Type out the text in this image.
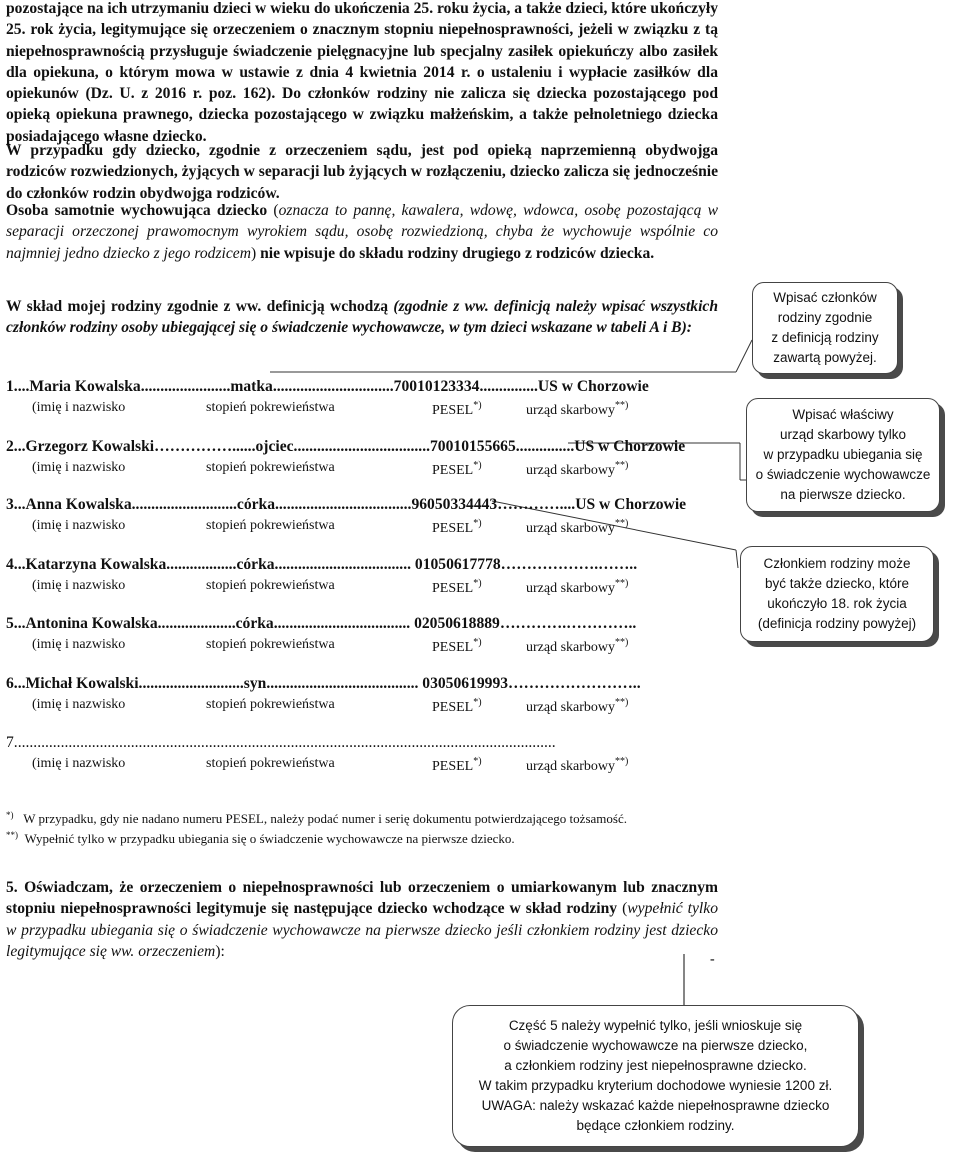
pozostające na ich utrzymaniu dzieci w wieku do ukończenia 25. roku życia, a także dzieci, które ukończyły 25. rok życia, legitymujące się orzeczeniem o znacznym stopniu niepełnosprawności, jeżeli w związku z tą niepełnosprawnością przysługuje świadczenie pielęgnacyjne lub specjalny zasiłek opiekuńczy albo zasiłek dla opiekuna, o którym mowa w ustawie z dnia 4 kwietnia 2014 r. o ustaleniu i wypłacie zasiłków dla opiekunów (Dz. U. z 2016 r. poz. 162). Do członków rodziny nie zalicza się dziecka pozostającego pod opieką opiekuna prawnego, dziecka pozostającego w związku małżeńskim, a także pełnoletniego dziecka posiadającego własne dziecko.

W przypadku gdy dziecko, zgodnie z orzeczeniem sądu, jest pod opieką naprzemienną obydwojga rodziców rozwiedzionych, żyjących w separacji lub żyjących w rozłączeniu, dziecko zalicza się jednocześnie do członków rodzin obydwojga rodziców.

Osoba samotnie wychowująca dziecko (oznacza to pannę, kawalera, wdowę, wdowca, osobę pozostającą w separacji orzeczonej prawomocnym wyrokiem sądu, osobę rozwiedzioną, chyba że wychowuje wspólnie co najmniej jedno dziecko z jego rodzicem) nie wpisuje do składu rodziny drugiego z rodziców dziecka.

W skład mojej rodziny zgodnie z ww. definicją wchodzą (zgodnie z ww. definicją należy wpisać wszystkich członków rodziny osoby ubiegającej się o świadczenie wychowawcze, w tym dzieci wskazane w tabeli A i B):

1....Maria Kowalska.......................matka...............................70010123334...............US w Chorzowie
(imię i nazwisko	stopień pokrewieństwa	PESEL*)	urząd skarbowy**)
2...Grzegorz Kowalski……………......ojciec...................................70010155665...............US w Chorzowie
(imię i nazwisko	stopień pokrewieństwa	PESEL*)	urząd skarbowy**)
3...Anna Kowalska...........................córka...................................96050334443…………....US w Chorzowie
(imię i nazwisko	stopień pokrewieństwa	PESEL*)	urząd skarbowy**)
4...Katarzyna Kowalska..................córka................................... 01050617778……………….……..
(imię i nazwisko	stopień pokrewieństwa	PESEL*)	urząd skarbowy**)
5...Antonina Kowalska....................córka................................... 02050618889………….…………..
(imię i nazwisko	stopień pokrewieństwa	PESEL*)	urząd skarbowy**)
6...Michał Kowalski...........................syn....................................... 03050619993……………………..
(imię i nazwisko	stopień pokrewieństwa	PESEL*)	urząd skarbowy**)
7...........................................................................................................................................
(imię i nazwisko	stopień pokrewieństwa	PESEL*)	urząd skarbowy**)
*) W przypadku, gdy nie nadano numeru PESEL, należy podać numer i serię dokumentu potwierdzającego tożsamość.
**) Wypełnić tylko w przypadku ubiegania się o świadczenie wychowawcze na pierwsze dziecko.

5. Oświadczam, że orzeczeniem o niepełnosprawności lub orzeczeniem o umiarkowanym lub znacznym stopniu niepełnosprawności legitymuje się następujące dziecko wchodzące w skład rodziny (wypełnić tylko w przypadku ubiegania się o świadczenie wychowawcze na pierwsze dziecko jeśli członkiem rodziny jest dziecko legitymujące się ww. orzeczeniem):	-
Wpisać członków
rodziny zgodnie
z definicją rodziny
zawartą powyżej.
Wpisać właściwy
urząd skarbowy tylko
w przypadku ubiegania się
o świadczenie wychowawcze
na pierwsze dziecko.
Członkiem rodziny może
być także dziecko, które
ukończyło 18. rok życia
(definicja rodziny powyżej)
Część 5 należy wypełnić tylko, jeśli wnioskuje się
o świadczenie wychowawcze na pierwsze dziecko,
a członkiem rodziny jest niepełnosprawne dziecko.
W takim przypadku kryterium dochodowe wyniesie 1200 zł.
UWAGA: należy wskazać każde niepełnosprawne dziecko
będące członkiem rodziny.
